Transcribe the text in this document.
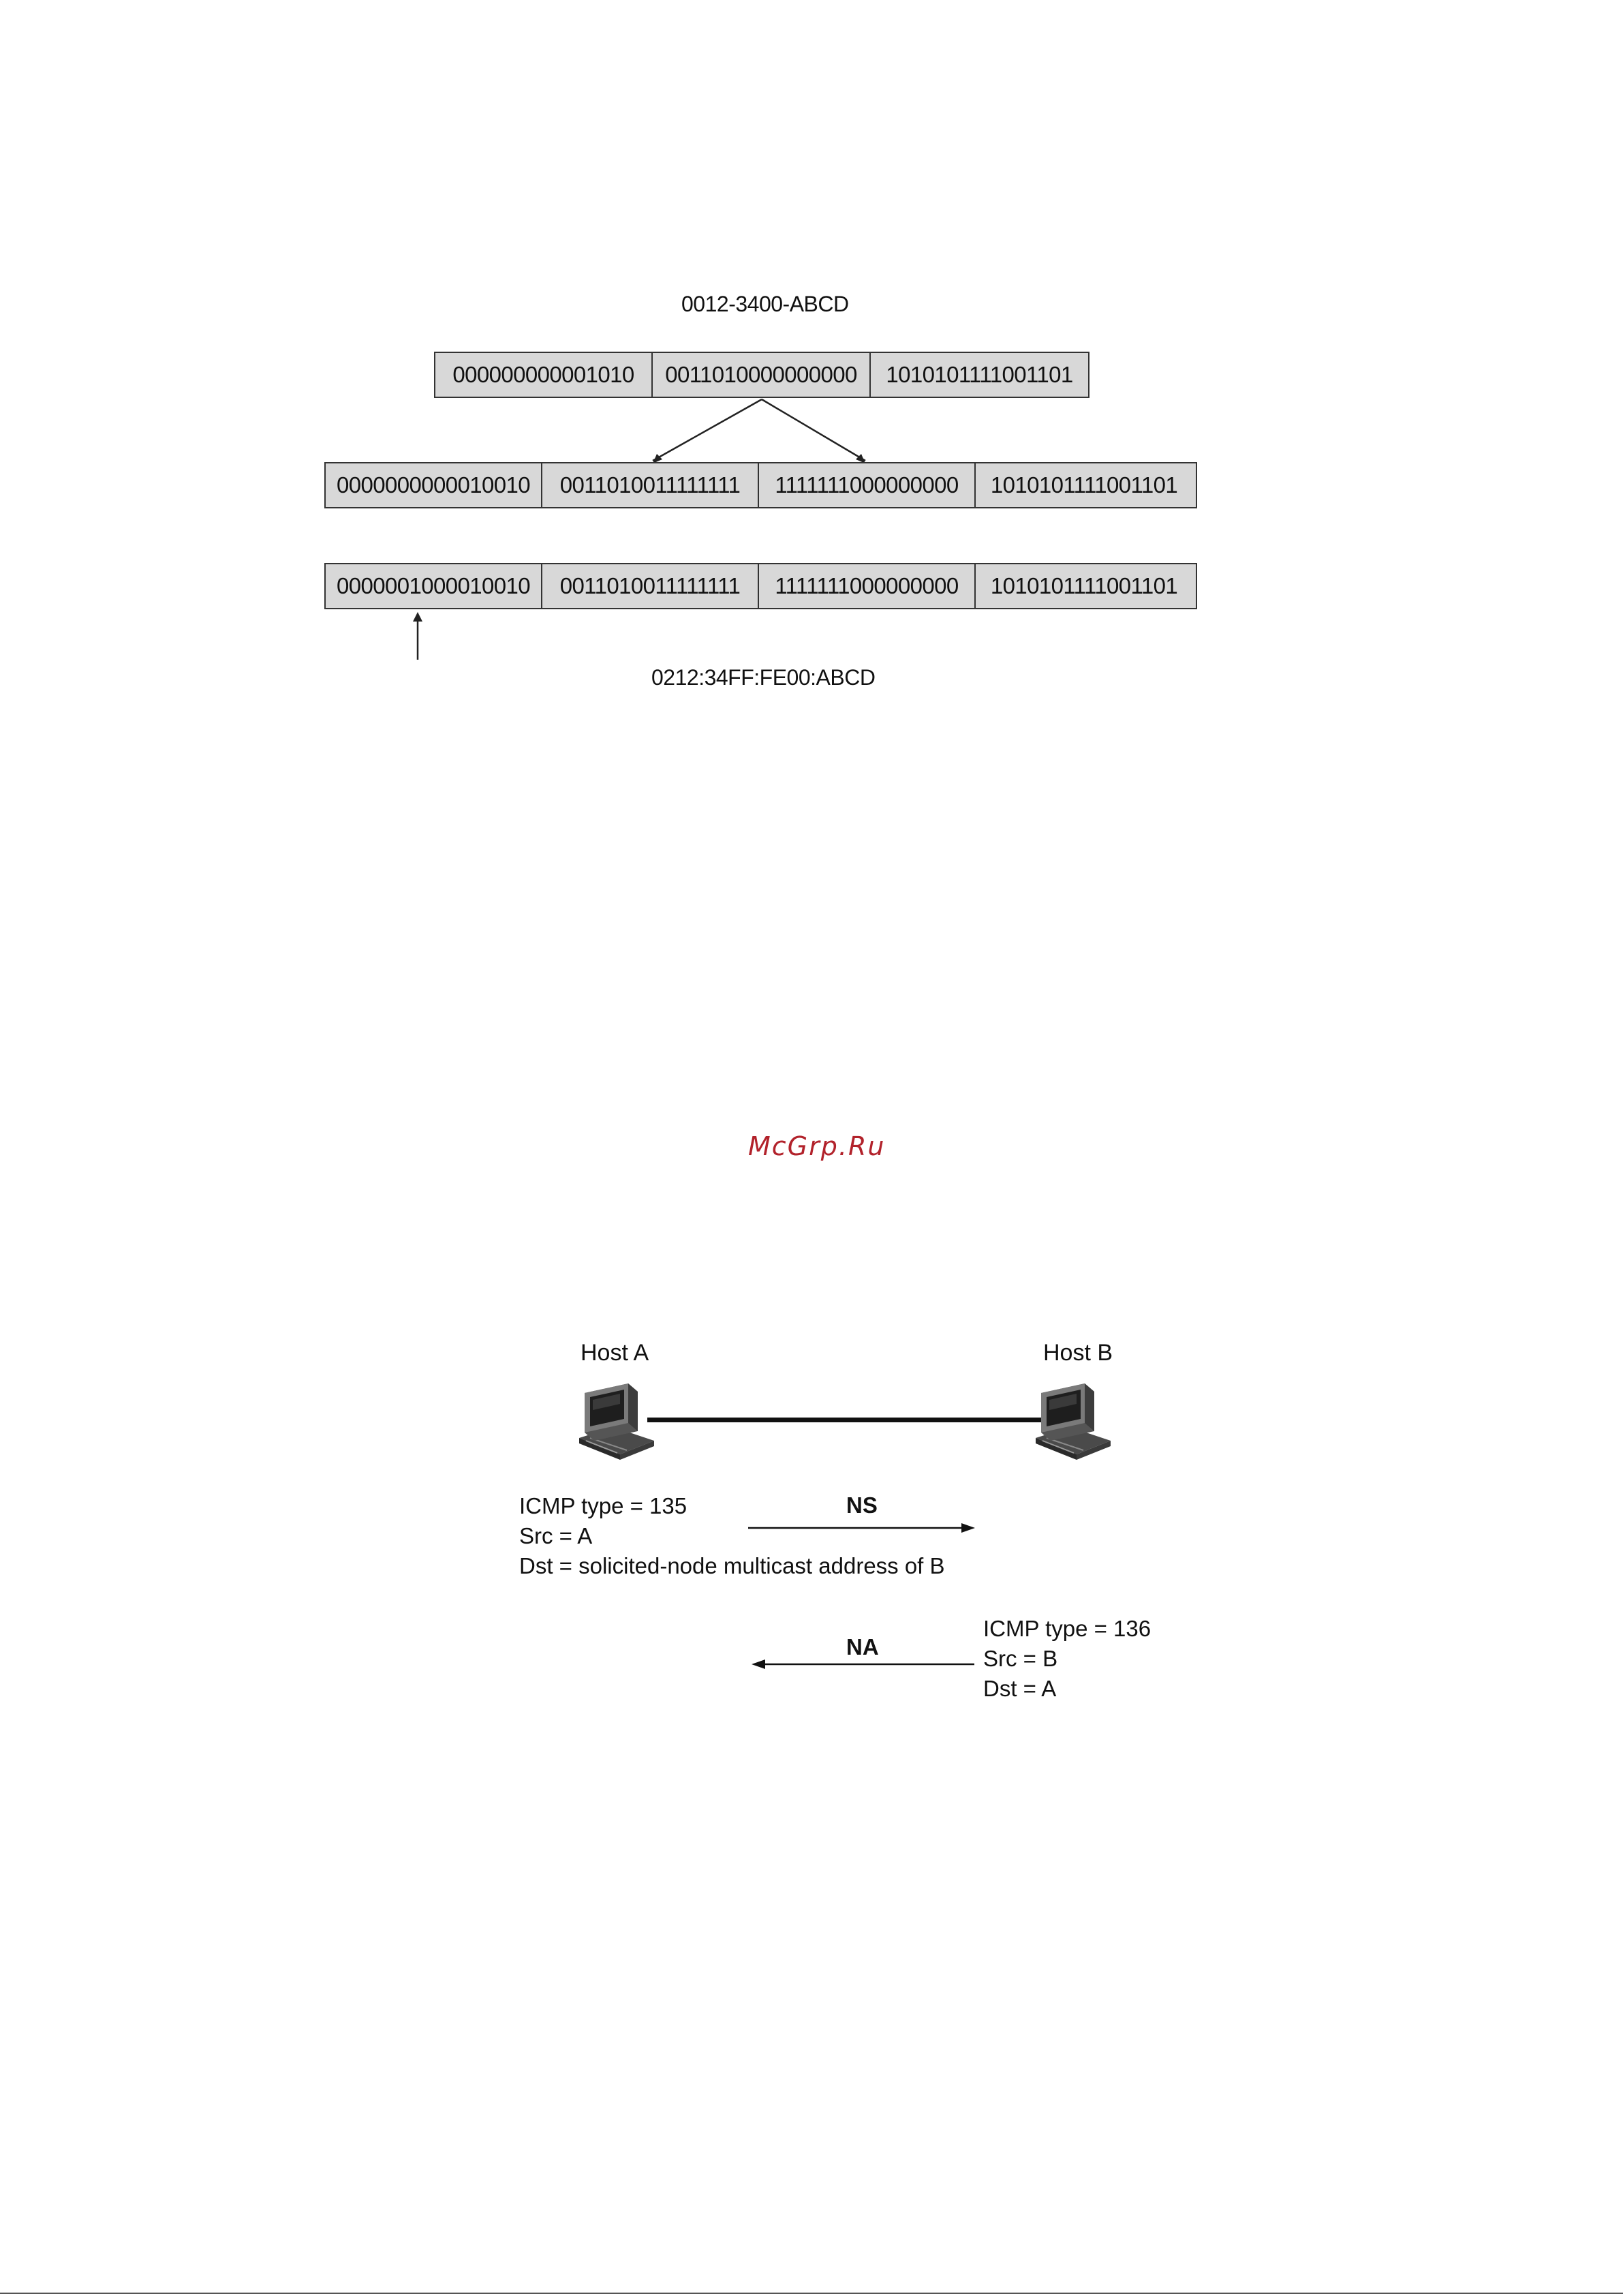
0012-3400-ABCD
000000000001010	0011010000000000	1010101111001101
0000000000010010	0011010011111111	1111111000000000	1010101111001101
0000001000010010	0011010011111111	1111111000000000	1010101111001101
0212:34FF:FE00:ABCD
McGrp.Ru
Host A	Host B
ICMP type = 135
Src = A
Dst = solicited-node multicast address of B
NS
ICMP type = 136
Src = B
Dst = A
NA
